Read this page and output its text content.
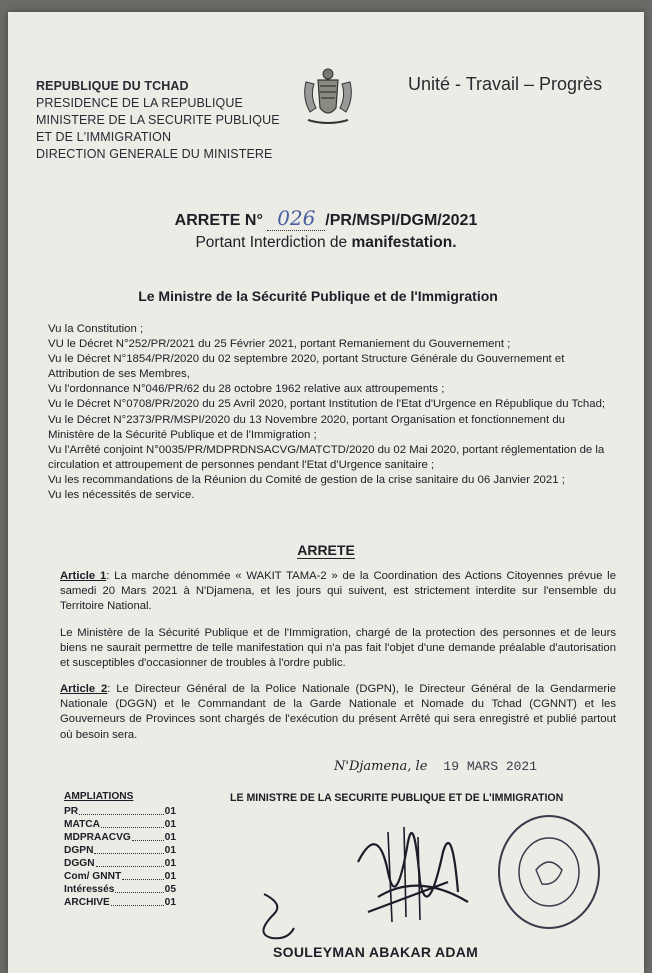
REPUBLIQUE DU TCHAD
PRESIDENCE DE LA REPUBLIQUE
MINISTERE DE LA SECURITE PUBLIQUE
ET DE L'IMMIGRATION
DIRECTION GENERALE DU MINISTERE
Unité - Travail – Progrès
ARRETE N° 026 /PR/MSPI/DGM/2021
Portant Interdiction de manifestation.
Le Ministre de la Sécurité Publique et de l'Immigration

Vu la Constitution ;

VU le Décret N°252/PR/2021 du 25 Février 2021, portant Remaniement du Gouvernement ;

Vu le Décret N°1854/PR/2020 du 02 septembre 2020, portant Structure Générale du Gouvernement et Attribution de ses Membres,

Vu l'ordonnance N°046/PR/62 du 28 octobre 1962 relative aux attroupements ;

Vu le Décret N°0708/PR/2020 du 25 Avril 2020, portant Institution de l'Etat d'Urgence en République du Tchad;

Vu le Décret N°2373/PR/MSPI/2020 du 13 Novembre 2020, portant Organisation et fonctionnement du Ministère de la Sécurité Publique et de l'Immigration ;

Vu l'Arrêté conjoint N°0035/PR/MDPRDNSACVG/MATCTD/2020 du 02 Mai 2020, portant réglementation de la circulation et attroupement de personnes pendant l'Etat d'Urgence sanitaire ;

Vu les recommandations de la Réunion du Comité de gestion de la crise sanitaire du 06 Janvier 2021 ;

Vu les nécessités de service.

ARRETE
Article 1: La marche dénommée « WAKIT TAMA-2 » de la Coordination des Actions Citoyennes prévue le samedi 20 Mars 2021 à N'Djamena, et les jours qui suivent, est strictement interdite sur l'ensemble du Territoire National.
Le Ministère de la Sécurité Publique et de l'Immigration, chargé de la protection des personnes et de leurs biens ne saurait permettre de telle manifestation qui n'a pas fait l'objet d'une demande préalable d'autorisation et susceptibles d'occasionner de troubles à l'ordre public.
Article 2: Le Directeur Général de la Police Nationale (DGPN), le Directeur Général de la Gendarmerie Nationale (DGGN) et le Commandant de la Garde Nationale et Nomade du Tchad (CGNNT) et les Gouverneurs de Provinces sont chargés de l'exécution du présent Arrêté qui sera enregistré et publié partout où besoin sera.
N'Djamena, le 19 MARS 2021
LE MINISTRE DE LA SECURITE PUBLIQUE ET DE L'IMMIGRATION
AMPLIATIONS
PR	01
MATCA	01
MDPRAACVG	01
DGPN	01
DGGN	01
Com/ GNNT	01
Intéressés	05
ARCHIVE	01
SOULEYMAN ABAKAR ADAM
